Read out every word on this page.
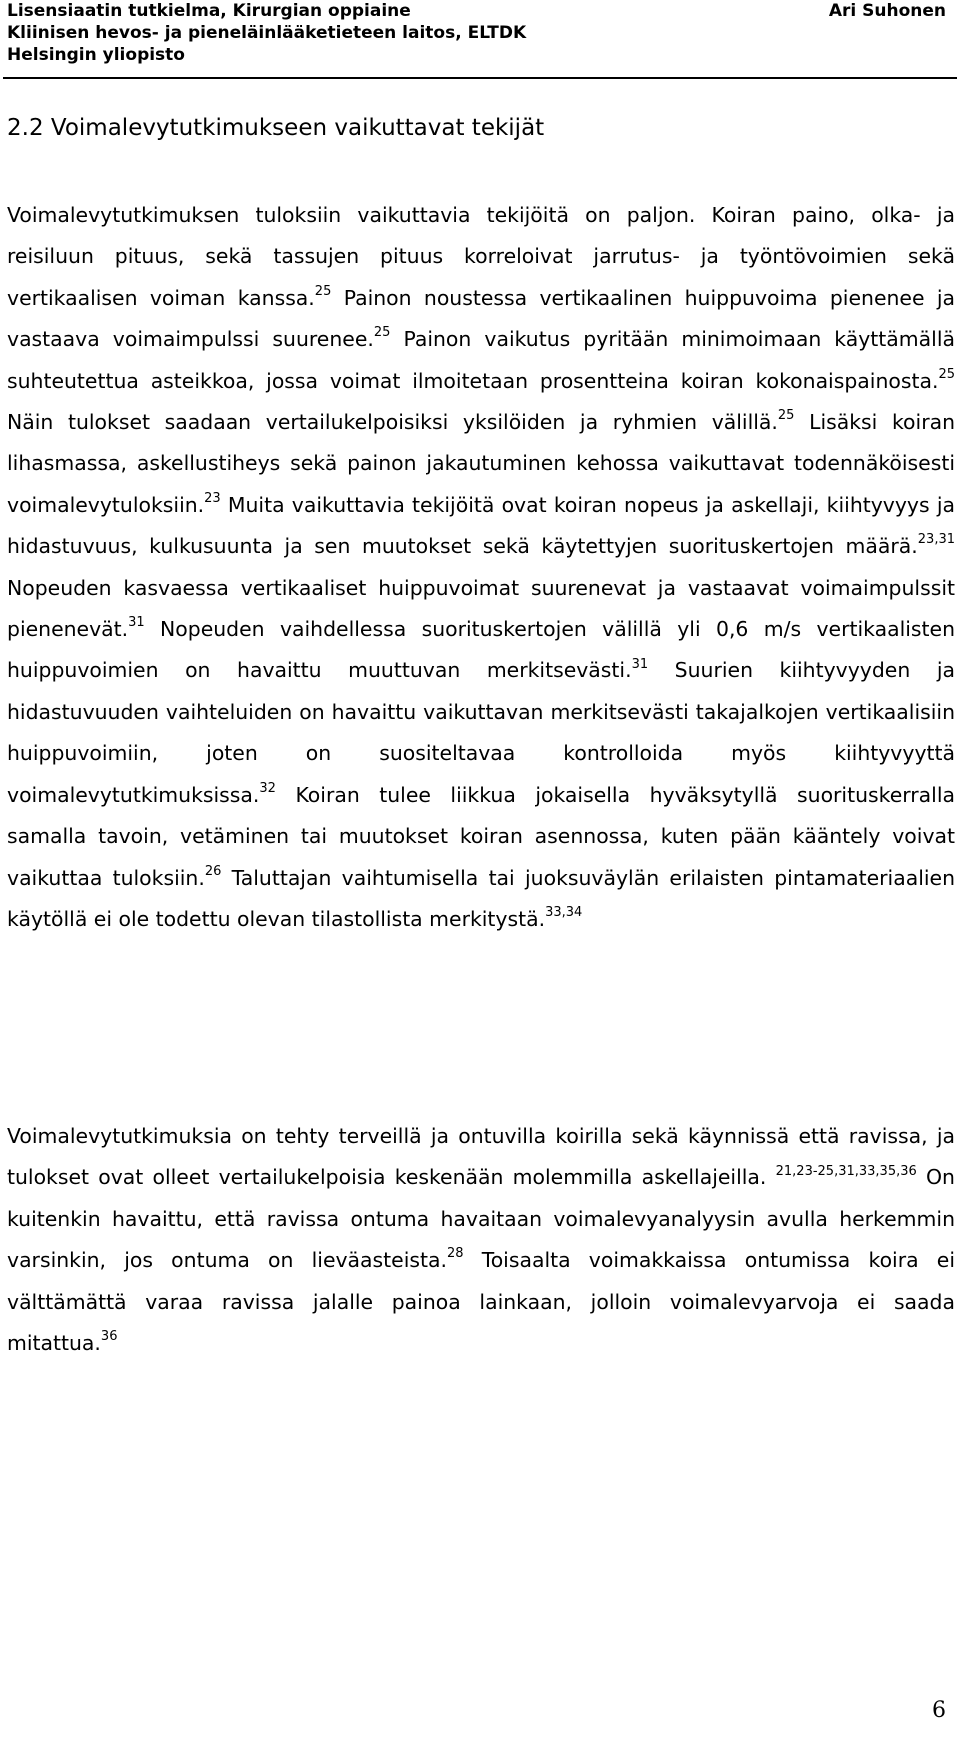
Lisensiaatin tutkielma, Kirurgian oppiaine
Kliinisen hevos- ja pieneläinlääketieteen laitos, ELTDK
Helsingin yliopisto
Ari Suhonen
2.2 Voimalevytutkimukseen vaikuttavat tekijät
Voimalevytutkimuksen tuloksiin vaikuttavia tekijöitä on paljon. Koiran paino, olka- ja reisiluun pituus, sekä tassujen pituus korreloivat jarrutus- ja työntövoimien sekä vertikaalisen voiman kanssa.$^{25}$ Painon noustessa vertikaalinen huippuvoima pienenee ja vastaava voimaimpulssi suurenee.$^{25}$ Painon vaikutus pyritään minimoimaan käyttämällä suhteutettua asteikkoa, jossa voimat ilmoitetaan prosentteina koiran kokonaispainosta.$^{25}$ Näin tulokset saadaan vertailukelpoisiksi yksilöiden ja ryhmien välillä.$^{25}$ Lisäksi koiran lihasmassa, askellustiheys sekä painon jakautuminen kehossa vaikuttavat todennäköisesti voimalevytuloksiin.$^{23}$ Muita vaikuttavia tekijöitä ovat koiran nopeus ja askellaji, kiihtyvyys ja hidastuvuus, kulkusuunta ja sen muutokset sekä käytettyjen suorituskertojen määrä.$^{23,31}$ Nopeuden kasvaessa vertikaaliset huippuvoimat suurenevat ja vastaavat voimaimpulssit pienenevät.$^{31}$ Nopeuden vaihdellessa suorituskertojen välillä yli 0,6 m/s vertikaalisten huippuvoimien on havaittu muuttuvan merkitsevästi.$^{31}$ Suurien kiihtyvyyden ja hidastuvuuden vaihteluiden on havaittu vaikuttavan merkitsevästi takajalkojen vertikaalisiin huippuvoimiin, joten on suositeltavaa kontrolloida myös kiihtyvyyttä voimalevytutkimuksissa.$^{32}$ Koiran tulee liikkua jokaisella hyväksytyllä suorituskerralla samalla tavoin, vetäminen tai muutokset koiran asennossa, kuten pään kääntely voivat vaikuttaa tuloksiin.$^{26}$ Taluttajan vaihtumisella tai juoksuväylän erilaisten pintamateriaalien käytöllä ei ole todettu olevan tilastollista merkitystä.$^{33,34}$
Voimalevytutkimuksia on tehty terveillä ja ontuvilla koirilla sekä käynnissä että ravissa, ja tulokset ovat olleet vertailukelpoisia keskenään molemmilla askellajeilla. $^{21,23-25,31,33,35,36}$ On kuitenkin havaittu, että ravissa ontuma havaitaan voimalevyanalyysin avulla herkemmin varsinkin, jos ontuma on lieväasteista.$^{28}$ Toisaalta voimakkaissa ontumissa koira ei välttämättä varaa ravissa jalalle painoa lainkaan, jolloin voimalevyarvoja ei saada mitattua.$^{36}$
6
